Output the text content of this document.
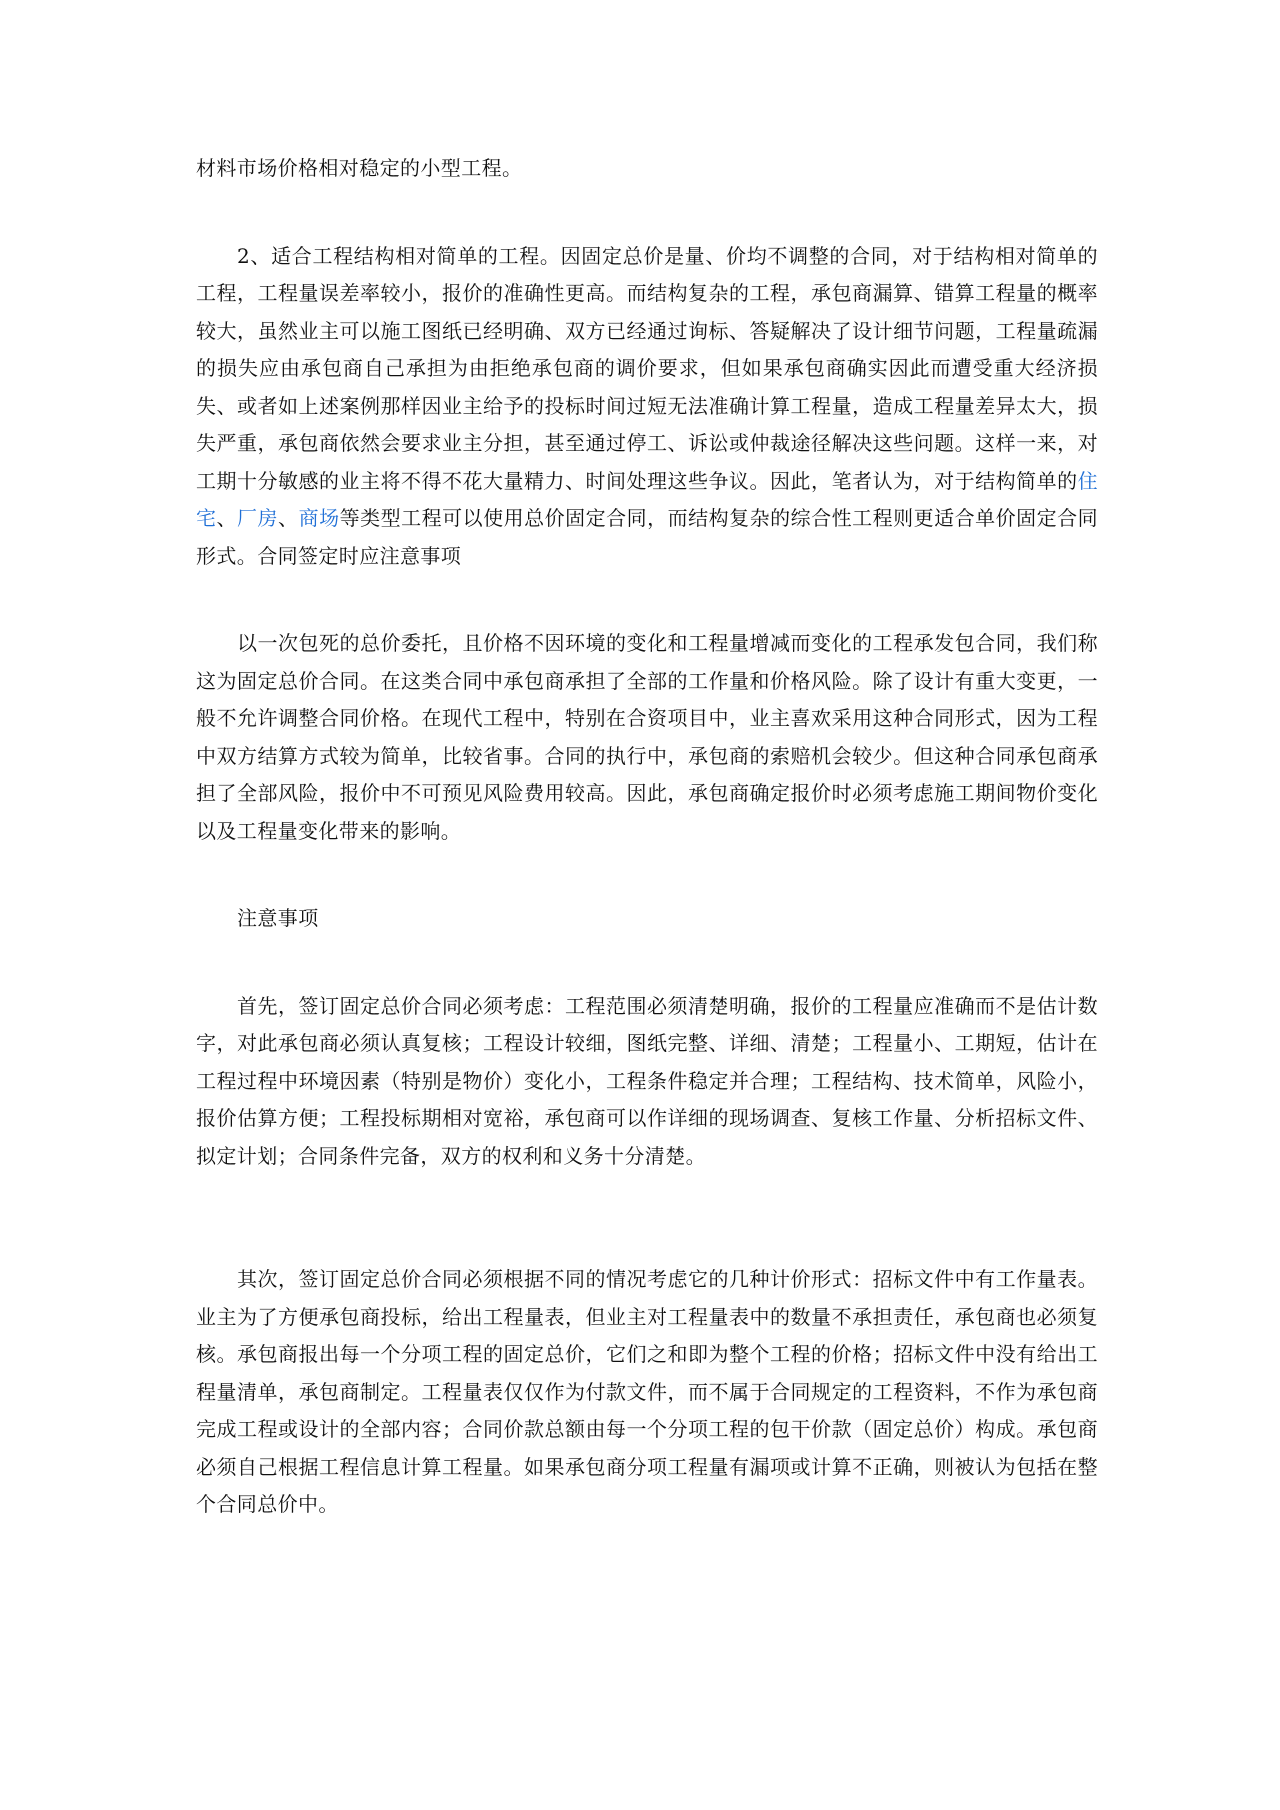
材料市场价格相对稳定的小型工程。

2、适合工程结构相对简单的工程。因固定总价是量、价均不调整的合同，对于结构相对简单的工程，工程量误差率较小，报价的准确性更高。而结构复杂的工程，承包商漏算、错算工程量的概率较大，虽然业主可以施工图纸已经明确、双方已经通过询标、答疑解决了设计细节问题，工程量疏漏的损失应由承包商自己承担为由拒绝承包商的调价要求，但如果承包商确实因此而遭受重大经济损失、或者如上述案例那样因业主给予的投标时间过短无法准确计算工程量，造成工程量差异太大，损失严重，承包商依然会要求业主分担，甚至通过停工、诉讼或仲裁途径解决这些问题。这样一来，对工期十分敏感的业主将不得不花大量精力、时间处理这些争议。因此，笔者认为，对于结构简单的住宅、厂房、商场等类型工程可以使用总价固定合同，而结构复杂的综合性工程则更适合单价固定合同形式。合同签定时应注意事项

以一次包死的总价委托，且价格不因环境的变化和工程量增减而变化的工程承发包合同，我们称这为固定总价合同。在这类合同中承包商承担了全部的工作量和价格风险。除了设计有重大变更，一般不允许调整合同价格。在现代工程中，特别在合资项目中，业主喜欢采用这种合同形式，因为工程中双方结算方式较为简单，比较省事。合同的执行中，承包商的索赔机会较少。但这种合同承包商承担了全部风险，报价中不可预见风险费用较高。因此，承包商确定报价时必须考虑施工期间物价变化以及工程量变化带来的影响。

注意事项

首先，签订固定总价合同必须考虑：工程范围必须清楚明确，报价的工程量应准确而不是估计数字，对此承包商必须认真复核；工程设计较细，图纸完整、详细、清楚；工程量小、工期短，估计在工程过程中环境因素（特别是物价）变化小，工程条件稳定并合理；工程结构、技术简单，风险小，报价估算方便；工程投标期相对宽裕，承包商可以作详细的现场调查、复核工作量、分析招标文件、拟定计划；合同条件完备，双方的权利和义务十分清楚。

其次，签订固定总价合同必须根据不同的情况考虑它的几种计价形式：招标文件中有工作量表。业主为了方便承包商投标，给出工程量表，但业主对工程量表中的数量不承担责任，承包商也必须复核。承包商报出每一个分项工程的固定总价，它们之和即为整个工程的价格；招标文件中没有给出工程量清单，承包商制定。工程量表仅仅作为付款文件，而不属于合同规定的工程资料，不作为承包商完成工程或设计的全部内容；合同价款总额由每一个分项工程的包干价款（固定总价）构成。承包商必须自己根据工程信息计算工程量。如果承包商分项工程量有漏项或计算不正确，则被认为包括在整个合同总价中。
